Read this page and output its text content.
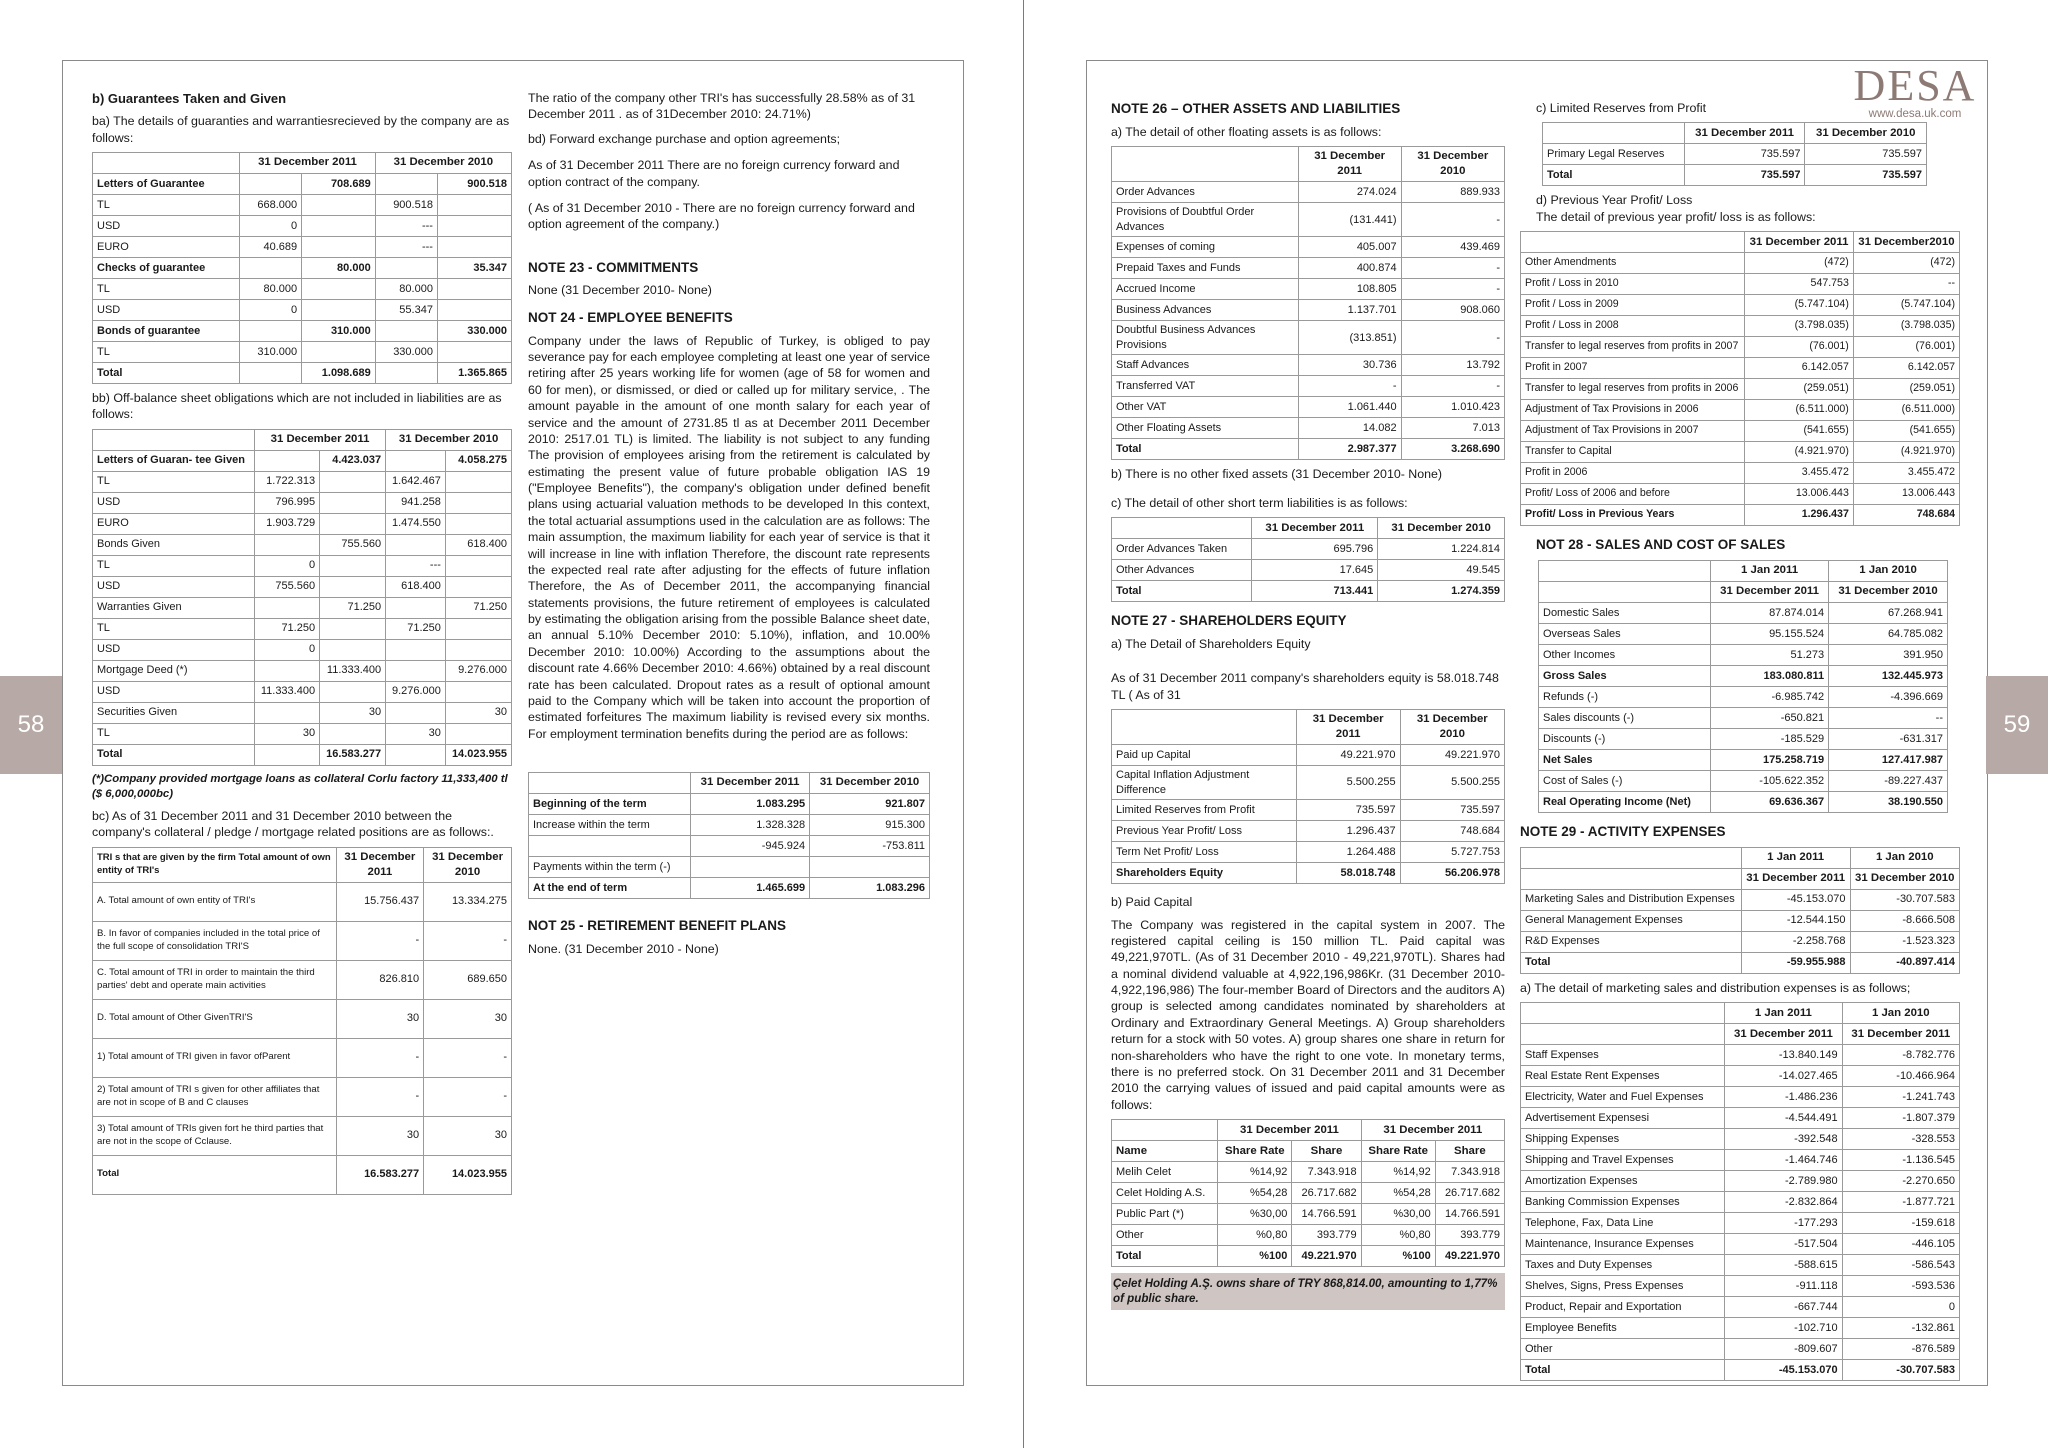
58	59
DESA
www.desa.uk.com
b) Guarantees Taken and Given

ba) The details of guaranties and warrantiesrecieved by the company are as follows:

	31 December 2011		31 December 2010	
Letters of Guarantee		708.689		900.518
TL	668.000		900.518	
USD	0		---	
EURO	40.689		---	
Checks of guarantee		80.000		35.347
TL	80.000		80.000	
USD	0		55.347	
Bonds of guarantee		310.000		330.000
TL	310.000		330.000	
Total		1.098.689		1.365.865

bb) Off-balance sheet obligations which are not included in liabilities are as follows:

	31 December 2011		31 December 2010	
Letters of Guaran- tee Given		4.423.037		4.058.275
TL	1.722.313		1.642.467	
USD	796.995		941.258	
EURO	1.903.729		1.474.550	
Bonds Given		755.560		618.400
TL	0		---	
USD	755.560		618.400	
Warranties Given		71.250		71.250
TL	71.250		71.250	
USD	0			
Mortgage Deed (*)		11.333.400		9.276.000
USD	11.333.400		9.276.000	
Securities Given		30		30
TL	30		30	
Total		16.583.277		14.023.955
(*)Company provided mortgage loans as collateral Corlu factory 11,333,400 tl ($ 6,000,000bc)

bc) As of 31 December 2011 and 31 December 2010 between the company's collateral / pledge / mortgage related positions are as follows:.

TRI s that are given by the firm Total amount of own entity of TRI's	31 December 2011	31 December 2010
A. Total amount of own entity of TRI's	15.756.437	13.334.275
B. In favor of companies included in the total price of the full scope of consolidation TRI'S	-	-
C. Total amount of TRI in order to maintain the third parties' debt and operate main activities	826.810	689.650
D. Total amount of Other GivenTRI'S	30	30
1) Total amount of TRI given in favor ofParent	-	-
2) Total amount of TRI s given for other affiliates that are not in scope of B and C clauses	-	-
3) Total amount of TRIs given fort he third parties that are not in the scope of Cclause.	30	30
Total	16.583.277	14.023.955

The ratio of the company other TRI's has successfully 28.58% as of 31 December 2011 . as of 31December 2010: 24.71%)

bd) Forward exchange purchase and option agreements;

As of 31 December 2011 There are no foreign currency forward and option contract of the company.

( As of 31 December 2010 - There are no foreign currency forward and option agreement of the company.)

NOTE 23 - COMMITMENTS

None (31 December 2010- None)

NOT 24 - EMPLOYEE BENEFITS

Company under the laws of Republic of Turkey, is obliged to pay severance pay for each employee completing at least one year of service retiring after 25 years working life for women (age of 58 for women and 60 for men), or dismissed, or died or called up for military service, . The amount payable in the amount of one month salary for each year of service and the amount of 2731.85 tl as at December 2011 December 2010: 2517.01 TL) is limited. The liability is not subject to any funding The provision of employees arising from the retirement is calculated by estimating the present value of future probable obligation IAS 19 ("Employee Benefits"), the company's obligation under defined benefit plans using actuarial valuation methods to be developed In this context, the total actuarial assumptions used in the calculation are as follows: The main assumption, the maximum liability for each year of service is that it will increase in line with inflation Therefore, the discount rate represents the expected real rate after adjusting for the effects of future inflation Therefore, the As of December 2011, the accompanying financial statements provisions, the future retirement of employees is calculated by estimating the obligation arising from the possible Balance sheet date, an annual 5.10% December 2010: 5.10%), inflation, and 10.00% December 2010: 10.00%) According to the assumptions about the discount rate 4.66% December 2010: 4.66%) obtained by a real discount rate has been calculated. Dropout rates as a result of optional amount paid to the Company which will be taken into account the proportion of estimated forfeitures The maximum liability is revised every six months. For employment termination benefits during the period are as follows:

	31 December 2011	31 December 2010
Beginning of the term	1.083.295	921.807
Increase within the term	1.328.328	915.300
	-945.924	-753.811
Payments within the term (-)		
At the end of term	1.465.699	1.083.296
NOT 25 - RETIREMENT BENEFIT PLANS

None. (31 December 2010 - None)

NOTE 26 – OTHER ASSETS AND LIABILITIES

a) The detail of other floating assets is as follows:

	31 December 2011	31 December 2010
Order Advances	274.024	889.933
Provisions of Doubtful Order Advances	(131.441)	-
Expenses of coming	405.007	439.469
Prepaid Taxes and Funds	400.874	-
Accrued Income	108.805	-
Business Advances	1.137.701	908.060
Doubtful Business Advances Provisions	(313.851)	-
Staff Advances	30.736	13.792
Transferred VAT	-	-
Other VAT	1.061.440	1.010.423
Other Floating Assets	14.082	7.013
Total	2.987.377	3.268.690

b) There is no other fixed assets (31 December 2010- None)

c) The detail of other short term liabilities is as follows:

	31 December 2011	31 December 2010
Order Advances Taken	695.796	1.224.814
Other Advances	17.645	49.545
Total	713.441	1.274.359
NOTE 27 - SHAREHOLDERS EQUITY

a) The Detail of Shareholders Equity

As of 31 December 2011 company's shareholders equity is 58.018.748 TL ( As of 31

	31 December 2011	31 December 2010
Paid up Capital	49.221.970	49.221.970
Capital Inflation Adjustment Difference	5.500.255	5.500.255
Limited Reserves from Profit	735.597	735.597
Previous Year Profit/ Loss	1.296.437	748.684
Term Net Profit/ Loss	1.264.488	5.727.753
Shareholders Equity	58.018.748	56.206.978

b) Paid Capital

The Company was registered in the capital system in 2007. The registered capital ceiling is 150 million TL. Paid capital was 49,221,970TL. (As of 31 December 2010 - 49,221,970TL). Shares had a nominal dividend valuable at 4,922,196,986Kr. (31 December 2010- 4,922,196,986) The four-member Board of Directors and the auditors A) group is selected among candidates nominated by shareholders at Ordinary and Extraordinary General Meetings. A) Group shareholders return for a stock with 50 votes. A) group shares one share in return for non-shareholders who have the right to one vote. In monetary terms, there is no preferred stock. On 31 December 2011 and 31 December 2010 the carrying values of issued and paid capital amounts were as follows:

	31 December 2011		31 December 2011	
Name	Share Rate	Share	Share Rate	Share
Melih Celet	%14,92	7.343.918	%14,92	7.343.918
Celet Holding A.S.	%54,28	26.717.682	%54,28	26.717.682
Public Part (*)	%30,00	14.766.591	%30,00	14.766.591
Other	%0,80	393.779	%0,80	393.779
Total	%100	49.221.970	%100	49.221.970
Çelet Holding A.Ş. owns share of TRY 868,814.00, amounting to 1,77% of public share.

c) Limited Reserves from Profit

	31 December 2011	31 December 2010
Primary Legal Reserves	735.597	735.597
Total	735.597	735.597

d) Previous Year Profit/ Loss

The detail of previous year profit/ loss is as follows:

	31 December 2011	31 December2010
Other Amendments	(472)	(472)
Profit / Loss in 2010	547.753	--
Profit / Loss in 2009	(5.747.104)	(5.747.104)
Profit / Loss in 2008	(3.798.035)	(3.798.035)
Transfer to legal reserves from profits in 2007	(76.001)	(76.001)
Profit in 2007	6.142.057	6.142.057
Transfer to legal reserves from profits in 2006	(259.051)	(259.051)
Adjustment of Tax Provisions in 2006	(6.511.000)	(6.511.000)
Adjustment of Tax Provisions in 2007	(541.655)	(541.655)
Transfer to Capital	(4.921.970)	(4.921.970)
Profit in 2006	3.455.472	3.455.472
Profit/ Loss of 2006 and before	13.006.443	13.006.443
Profit/ Loss in Previous Years	1.296.437	748.684
NOT 28 - SALES AND COST OF SALES
	1 Jan 2011	1 Jan 2010
	31 December 2011	31 December 2010
Domestic Sales	87.874.014	67.268.941
Overseas Sales	95.155.524	64.785.082
Other Incomes	51.273	391.950
Gross Sales	183.080.811	132.445.973
Refunds (-)	-6.985.742	-4.396.669
Sales discounts (-)	-650.821	--
Discounts (-)	-185.529	-631.317
Net Sales	175.258.719	127.417.987
Cost of Sales (-)	-105.622.352	-89.227.437
Real Operating Income (Net)	69.636.367	38.190.550
NOTE 29 - ACTIVITY EXPENSES
	1 Jan 2011	1 Jan 2010
	31 December 2011	31 December 2010
Marketing Sales and Distribution Expenses	-45.153.070	-30.707.583
General Management Expenses	-12.544.150	-8.666.508
R&D Expenses	-2.258.768	-1.523.323
Total	-59.955.988	-40.897.414

a) The detail of marketing sales and distribution expenses is as follows;

	1 Jan 2011	1 Jan 2010
	31 December 2011	31 December 2011
Staff Expenses	-13.840.149	-8.782.776
Real Estate Rent Expenses	-14.027.465	-10.466.964
Electricity, Water and Fuel Expenses	-1.486.236	-1.241.743
Advertisement Expensesi	-4.544.491	-1.807.379
Shipping Expenses	-392.548	-328.553
Shipping and Travel Expenses	-1.464.746	-1.136.545
Amortization Expenses	-2.789.980	-2.270.650
Banking Commission Expenses	-2.832.864	-1.877.721
Telephone, Fax, Data Line	-177.293	-159.618
Maintenance, Insurance Expenses	-517.504	-446.105
Taxes and Duty Expenses	-588.615	-586.543
Shelves, Signs, Press Expenses	-911.118	-593.536
Product, Repair and Exportation	-667.744	0
Employee Benefits	-102.710	-132.861
Other	-809.607	-876.589
Total	-45.153.070	-30.707.583
